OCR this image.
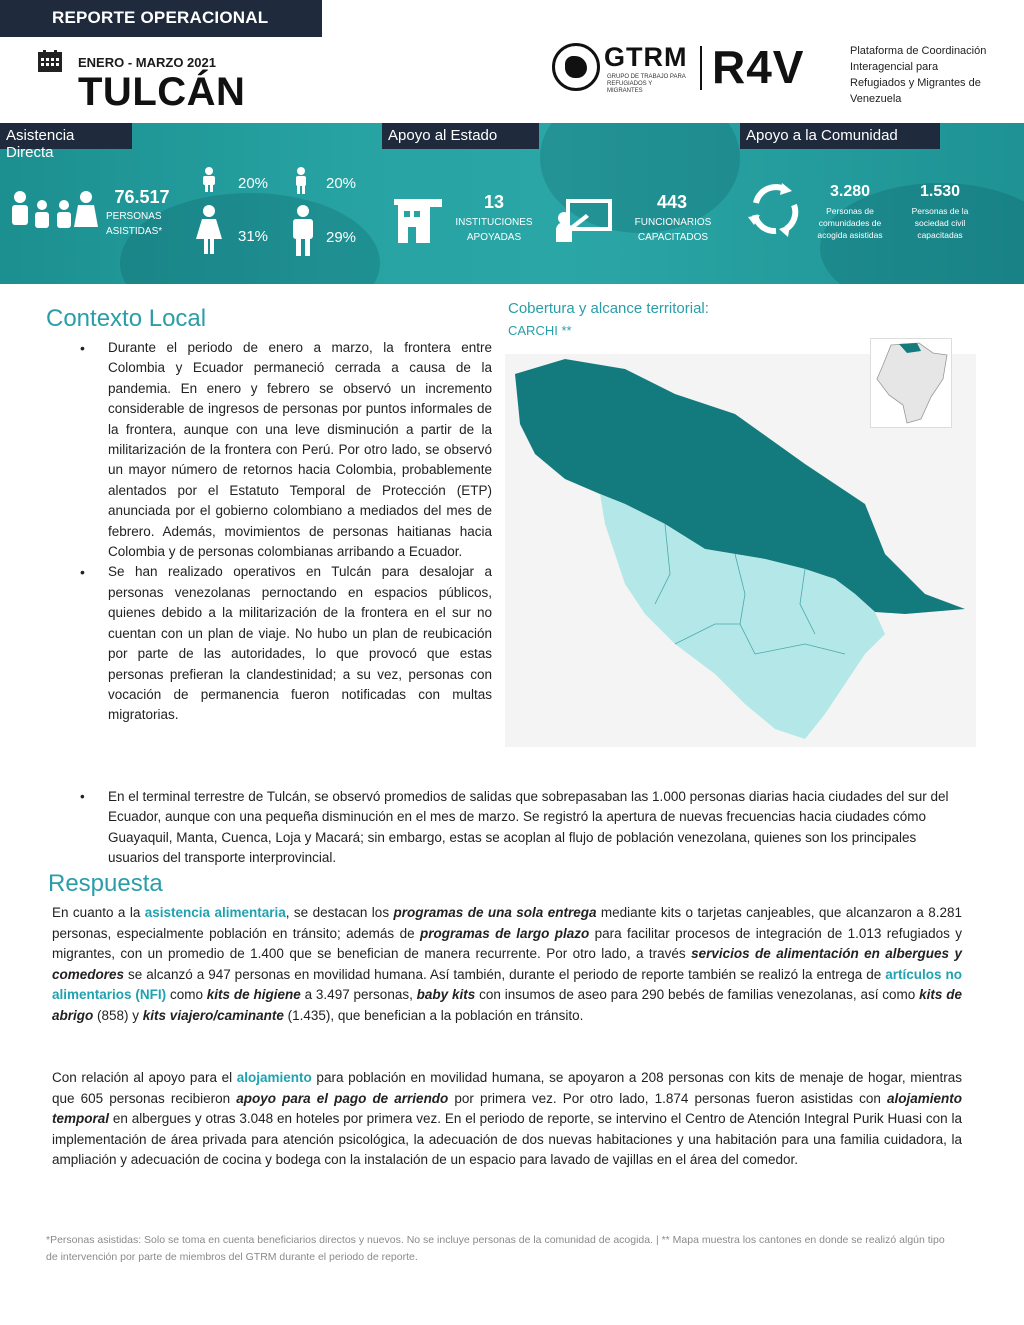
REPORTE OPERACIONAL
ENERO - MARZO 2021
TULCÁN
GTRM
GRUPO DE TRABAJO PARA REFUGIADOS Y MIGRANTES	R4V	Plataforma de Coordinación Interagencial para Refugiados y Migrantes de Venezuela
Asistencia Directa
Apoyo al Estado	Apoyo a la Comunidad
76.517
PERSONAS ASISTIDAS*
20%	20%
31%	29%
13
INSTITUCIONES APOYADAS
443
FUNCIONARIOS CAPACITADOS
3.280
Personas de comunidades de acogida asistidas
1.530
Personas de la sociedad civil capacitadas
Contexto Local
• Durante el periodo de enero a marzo, la frontera entre Colombia y Ecuador permaneció cerrada a causa de la pandemia. En enero y febrero se observó un incremento considerable de ingresos de personas por puntos informales de la frontera, aunque con una leve disminución a partir de la militarización de la frontera con Perú. Por otro lado, se observó un mayor número de retornos hacia Colombia, probablemente alentados por el Estatuto Temporal de Protección (ETP) anunciada por el gobierno colombiano a mediados del mes de febrero. Además, movimientos de personas haitianas hacia Colombia y de personas colombianas arribando a Ecuador.
• Se han realizado operativos en Tulcán para desalojar a personas venezolanas pernoctando en espacios públicos, quienes debido a la militarización de la frontera en el sur no cuentan con un plan de viaje. No hubo un plan de reubicación por parte de las autoridades, lo que provocó que estas personas prefieran la clandestinidad; a su vez, personas con vocación de permanencia fueron notificadas con multas migratorias.
• En el terminal terrestre de Tulcán, se observó promedios de salidas que sobrepasaban las 1.000 personas diarias hacia ciudades del sur del Ecuador, aunque con una pequeña disminución en el mes de marzo. Se registró la apertura de nuevas frecuencias hacia ciudades cómo Guayaquil, Manta, Cuenca, Loja y Macará; sin embargo, estas se acoplan al flujo de población venezolana, quienes son los principales usuarios del transporte interprovincial.
Cobertura y alcance territorial:
CARCHI **
Respuesta

En cuanto a la asistencia alimentaria, se destacan los programas de una sola entrega mediante kits o tarjetas canjeables, que alcanzaron a 8.281 personas, especialmente población en tránsito; además de programas de largo plazo para facilitar procesos de integración de 1.013 refugiados y migrantes, con un promedio de 1.400 que se benefician de manera recurrente. Por otro lado, a través servicios de alimentación en albergues y comedores se alcanzó a 947 personas en movilidad humana. Así también, durante el periodo de reporte también se realizó la entrega de artículos no alimentarios (NFI) como kits de higiene a 3.497 personas, baby kits con insumos de aseo para 290 bebés de familias venezolanas, así como kits de abrigo (858) y kits viajero/caminante (1.435), que benefician a la población en tránsito.

Con relación al apoyo para el alojamiento para población en movilidad humana, se apoyaron a 208 personas con kits de menaje de hogar, mientras que 605 personas recibieron apoyo para el pago de arriendo por primera vez. Por otro lado, 1.874 personas fueron asistidas con alojamiento temporal en albergues y otras 3.048 en hoteles por primera vez. En el periodo de reporte, se intervino el Centro de Atención Integral Purik Huasi con la implementación de área privada para atención psicológica, la adecuación de dos nuevas habitaciones y una habitación para una familia cuidadora, la ampliación y adecuación de cocina y bodega con la instalación de un espacio para lavado de vajillas en el área del comedor.

*Personas asistidas: Solo se toma en cuenta beneficiarios directos y nuevos. No se incluye personas de la comunidad de acogida. | ** Mapa muestra los cantones en donde se realizó algún tipo de intervención por parte de miembros del GTRM durante el periodo de reporte.
